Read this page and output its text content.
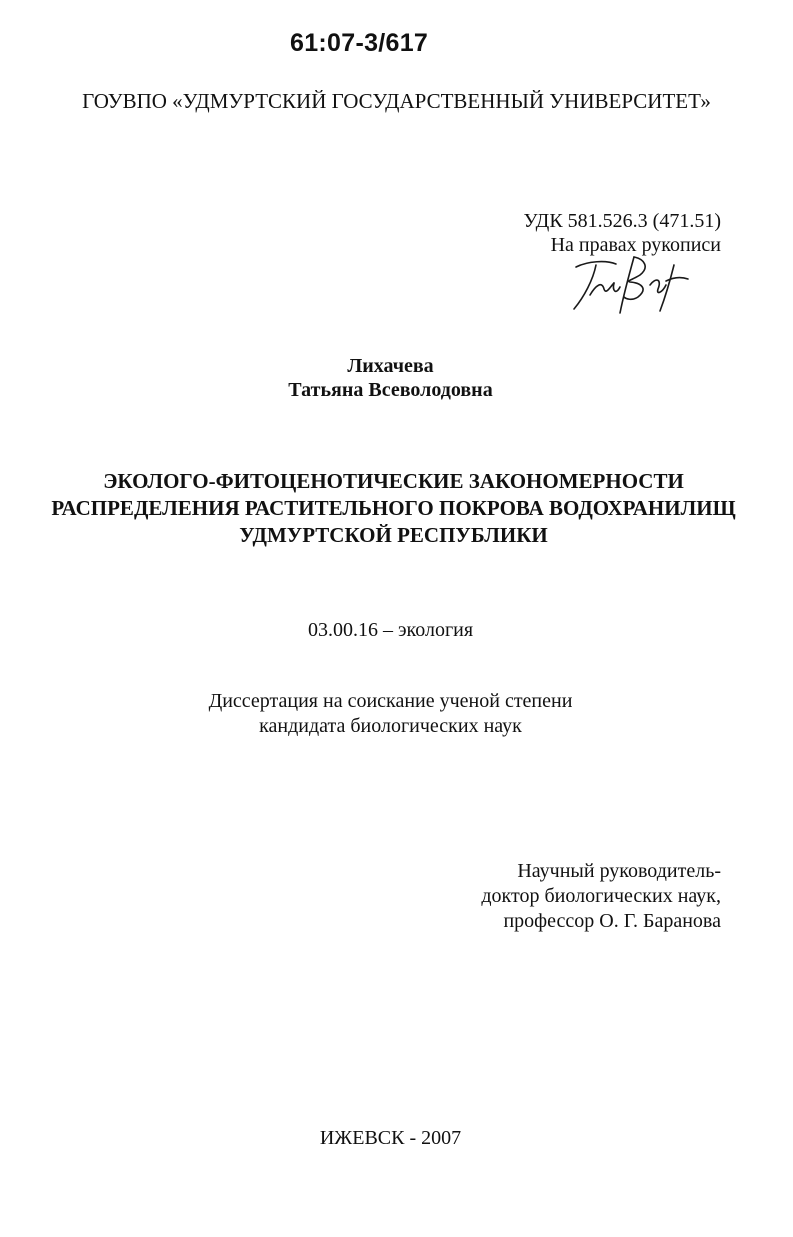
61:07-3/617
ГОУВПО «УДМУРТСКИЙ ГОСУДАРСТВЕННЫЙ УНИВЕРСИТЕТ»
УДК 581.526.3 (471.51)
На правах рукописи
Лихачева
Татьяна Всеволодовна
ЭКОЛОГО-ФИТОЦЕНОТИЧЕСКИЕ ЗАКОНОМЕРНОСТИ
РАСПРЕДЕЛЕНИЯ РАСТИТЕЛЬНОГО ПОКРОВА ВОДОХРАНИЛИЩ
УДМУРТСКОЙ РЕСПУБЛИКИ
03.00.16 – экология
Диссертация на соискание ученой степени
кандидата биологических наук
Научный руководитель-
доктор биологических наук,
профессор О. Г. Баранова
ИЖЕВСК - 2007
